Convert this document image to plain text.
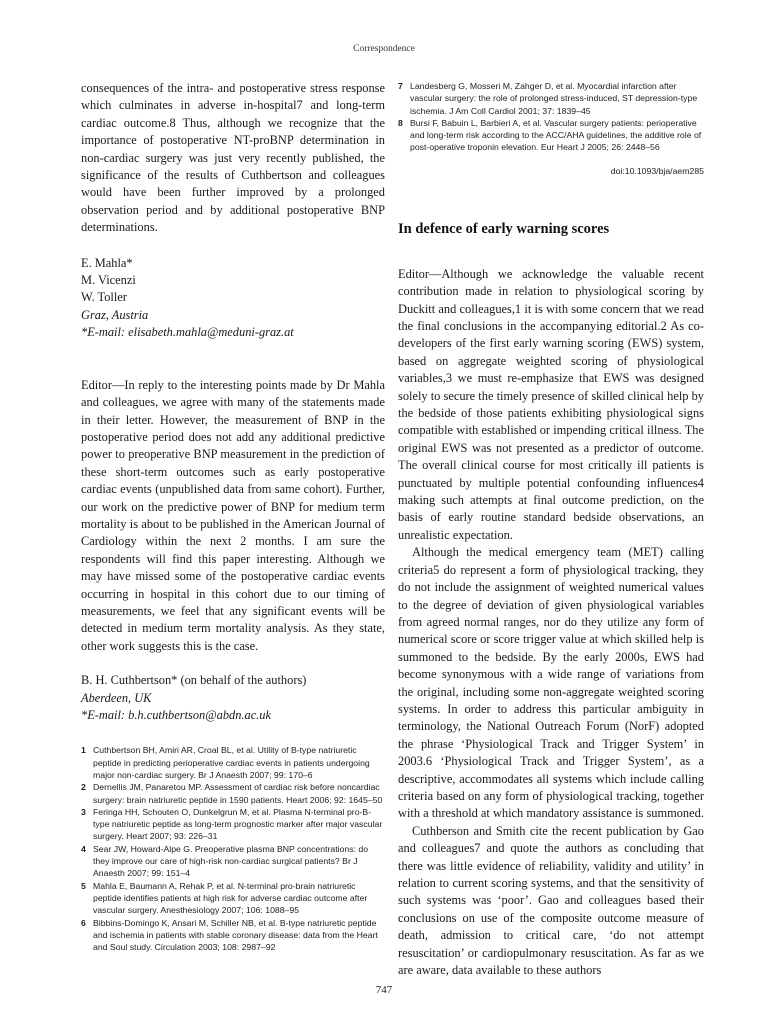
Correspondence

consequences of the intra- and postoperative stress response which culminates in adverse in-hospital7 and long-term cardiac outcome.8 Thus, although we recognize that the importance of postoperative NT-proBNP determination in non-cardiac surgery was just very recently published, the significance of the results of Cuthbertson and colleagues would have been further improved by a prolonged observation period and by additional postoperative BNP determinations.

E. Mahla*
M. Vicenzi
W. Toller
Graz, Austria
*E-mail: elisabeth.mahla@meduni-graz.at

Editor—In reply to the interesting points made by Dr Mahla and colleagues, we agree with many of the statements made in their letter. However, the measurement of BNP in the postoperative period does not add any additional predictive power to preoperative BNP measurement in the prediction of these short-term outcomes such as early postoperative cardiac events (unpublished data from same cohort). Further, our work on the predictive power of BNP for medium term mortality is about to be published in the American Journal of Cardiology within the next 2 months. I am sure the respondents will find this paper interesting. Although we may have missed some of the postoperative cardiac events occurring in hospital in this cohort due to our timing of measurements, we feel that any significant events will be detected in medium term mortality analysis. As they state, other work suggests this is the case.

B. H. Cuthbertson* (on behalf of the authors)
Aberdeen, UK
*E-mail: b.h.cuthbertson@abdn.ac.uk
1 Cuthbertson BH, Amiri AR, Croal BL, et al. Utility of B-type natriuretic peptide in predicting perioperative cardiac events in patients undergoing major non-cardiac surgery. Br J Anaesth 2007; 99: 170–6
2 Dernellis JM, Panaretou MP. Assessment of cardiac risk before noncardiac surgery: brain natriuretic peptide in 1590 patients. Heart 2006; 92: 1645–50
3 Feringa HH, Schouten O, Dunkelgrun M, et al. Plasma N-terminal pro-B-type natriuretic peptide as long-term prognostic marker after major vascular surgery. Heart 2007; 93: 226–31
4 Sear JW, Howard-Alpe G. Preoperative plasma BNP concentrations: do they improve our care of high-risk non-cardiac surgical patients? Br J Anaesth 2007; 99: 151–4
5 Mahla E, Baumann A, Rehak P, et al. N-terminal pro-brain natriuretic peptide identifies patients at high risk for adverse cardiac outcome after vascular surgery. Anesthesiology 2007; 106: 1088–95
6 Bibbins-Domingo K, Ansari M, Schiller NB, et al. B-type natriuretic peptide and ischemia in patients with stable coronary disease: data from the Heart and Soul study. Circulation 2003; 108: 2987–92
7 Landesberg G, Mosseri M, Zahger D, et al. Myocardial infarction after vascular surgery: the role of prolonged stress-induced, ST depression-type ischemia. J Am Coll Cardiol 2001; 37: 1839–45
8 Bursi F, Babuin L, Barbieri A, et al. Vascular surgery patients: perioperative and long-term risk according to the ACC/AHA guidelines, the additive role of post-operative troponin elevation. Eur Heart J 2005; 26: 2448–56
doi:10.1093/bja/aem285
In defence of early warning scores

Editor—Although we acknowledge the valuable recent contribution made in relation to physiological scoring by Duckitt and colleagues,1 it is with some concern that we read the final conclusions in the accompanying editorial.2 As co-developers of the first early warning scoring (EWS) system, based on aggregate weighted scoring of physiological variables,3 we must re-emphasize that EWS was designed solely to secure the timely presence of skilled clinical help by the bedside of those patients exhibiting physiological signs compatible with established or impending critical illness. The original EWS was not presented as a predictor of outcome. The overall clinical course for most critically ill patients is punctuated by multiple potential confounding influences4 making such attempts at final outcome prediction, on the basis of early routine standard bedside observations, an unrealistic expectation.

Although the medical emergency team (MET) calling criteria5 do represent a form of physiological tracking, they do not include the assignment of weighted numerical values to the degree of deviation of given physiological variables from agreed normal ranges, nor do they utilize any form of numerical score or score trigger value at which skilled help is summoned to the bedside. By the early 2000s, EWS had become synonymous with a wide range of variations from the original, including some non-aggregate weighted scoring systems. In order to address this particular ambiguity in terminology, the National Outreach Forum (NorF) adopted the phrase ‘Physiological Track and Trigger System’ in 2003.6 ‘Physiological Track and Trigger System’, as a descriptive, accommodates all systems which include calling criteria based on any form of physiological tracking, together with a threshold at which mandatory assistance is summoned.

Cuthberson and Smith cite the recent publication by Gao and colleagues7 and quote the authors as concluding that there was little evidence of reliability, validity and utility’ in relation to current scoring systems, and that the sensitivity of such systems was ‘poor’. Gao and colleagues based their conclusions on use of the composite outcome measure of death, admission to critical care, ‘do not attempt resuscitation’ or cardiopulmonary resuscitation. As far as we are aware, data available to these authors

747
